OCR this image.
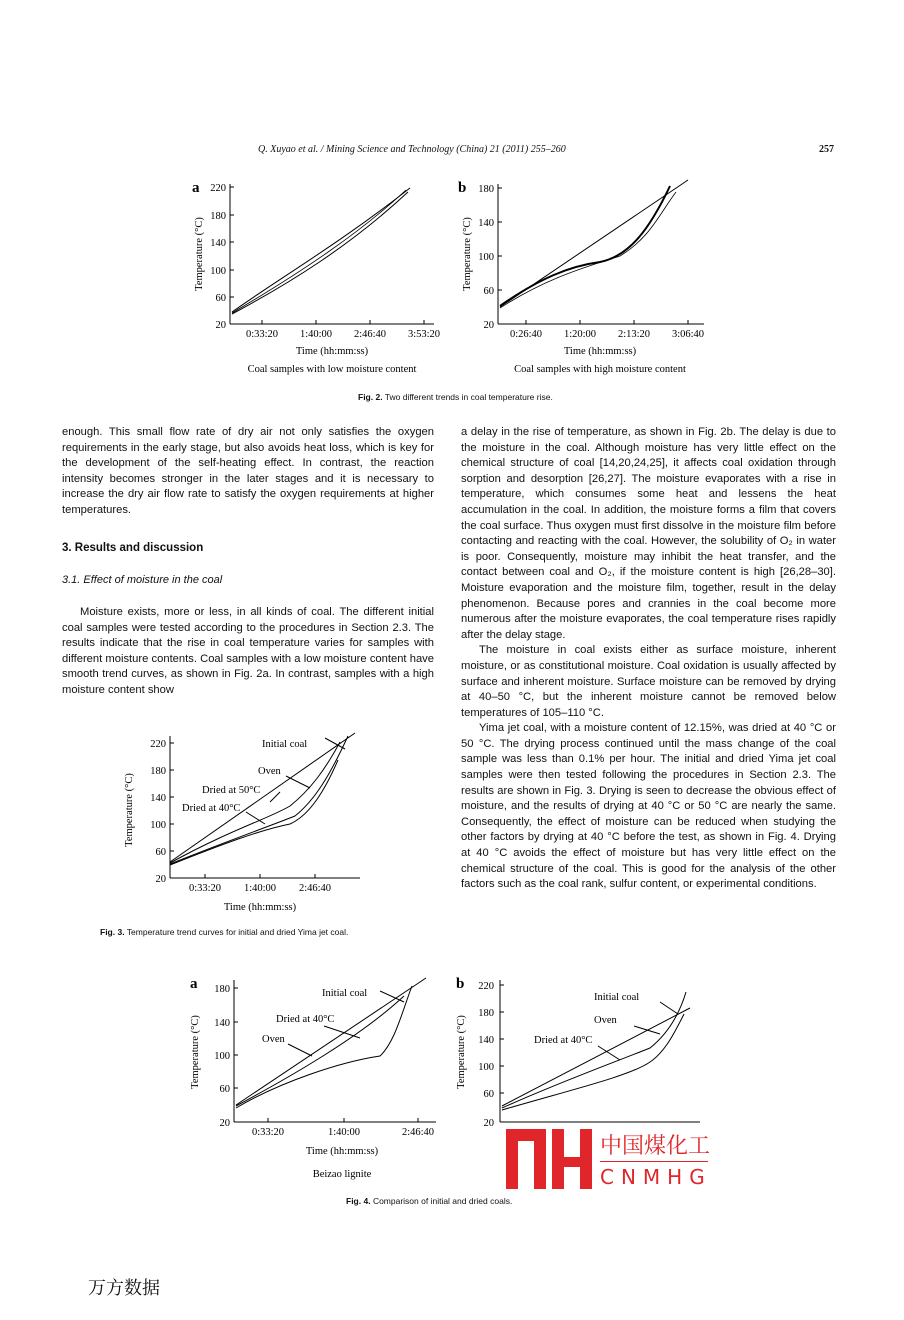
Q. Xuyao et al. / Mining Science and Technology (China) 21 (2011) 255–260	257
a 220
180
140
100
60
20
0:33:20 1:40:00 2:46:40 3:53:20
Temperature (°C)
Time (hh:mm:ss)
Coal samples with low moisture content
b 180
140
100
60
20
0:26:40 1:20:00 2:13:20 3:06:40
Temperature (°C)
Time (hh:mm:ss)
Coal samples with high moisture content
Fig. 2. Two different trends in coal temperature rise.

enough. This small flow rate of dry air not only satisfies the oxygen requirements in the early stage, but also avoids heat loss, which is key for the development of the self-heating effect. In contrast, the reaction intensity becomes stronger in the later stages and it is necessary to increase the dry air flow rate to satisfy the oxygen requirements at higher temperatures.

3. Results and discussion
3.1. Effect of moisture in the coal

Moisture exists, more or less, in all kinds of coal. The different initial coal samples were tested according to the procedures in Section 2.3. The results indicate that the rise in coal temperature varies for samples with different moisture contents. Coal samples with a low moisture content have smooth trend curves, as shown in Fig. 2a. In contrast, samples with a high moisture content show

a delay in the rise of temperature, as shown in Fig. 2b. The delay is due to the moisture in the coal. Although moisture has very little effect on the chemical structure of coal [14,20,24,25], it affects coal oxidation through sorption and desorption [26,27]. The moisture evaporates with a rise in temperature, which consumes some heat and lessens the heat accumulation in the coal. In addition, the moisture forms a film that covers the coal surface. Thus oxygen must first dissolve in the moisture film before contacting and reacting with the coal. However, the solubility of O₂ in water is poor. Consequently, moisture may inhibit the heat transfer, and the contact between coal and O₂, if the moisture content is high [26,28–30]. Moisture evaporation and the moisture film, together, result in the delay phenomenon. Because pores and crannies in the coal become more numerous after the moisture evaporates, the coal temperature rises rapidly after the delay stage.

The moisture in coal exists either as surface moisture, inherent moisture, or as constitutional moisture. Coal oxidation is usually affected by surface and inherent moisture. Surface moisture can be removed by drying at 40–50 °C, but the inherent moisture cannot be removed below temperatures of 105–110 °C.

Yima jet coal, with a moisture content of 12.15%, was dried at 40 °C or 50 °C. The drying process continued until the mass change of the coal sample was less than 0.1% per hour. The initial and dried Yima jet coal samples were then tested following the procedures in Section 2.3. The results are shown in Fig. 3. Drying is seen to decrease the obvious effect of moisture, and the results of drying at 40 °C or 50 °C are nearly the same. Consequently, the effect of moisture can be reduced when studying the other factors by drying at 40 °C before the test, as shown in Fig. 4. Drying at 40 °C avoids the effect of moisture but has very little effect on the chemical structure of the coal. This is good for the analysis of the other factors such as the coal rank, sulfur content, or experimental conditions.

220
180
140
100
60
20
0:33:20 1:40:00 2:46:40
Temperature (°C)
Time (hh:mm:ss)
Initial coal
Oven
Dried at 50°C
Dried at 40°C
Fig. 3. Temperature trend curves for initial and dried Yima jet coal.
a 180
140
100
60
20
0:33:20	1:40:00	2:46:40
Temperature (°C)
Time (hh:mm:ss)
Beizao lignite
Initial coal
Dried at 40°C
Oven
b 220
180
140
100
60
20
Temperature (°C)
Initial coal
Oven
Dried at 40°C
中国煤化工
CNMHG
Fig. 4. Comparison of initial and dried coals.
万方数据
